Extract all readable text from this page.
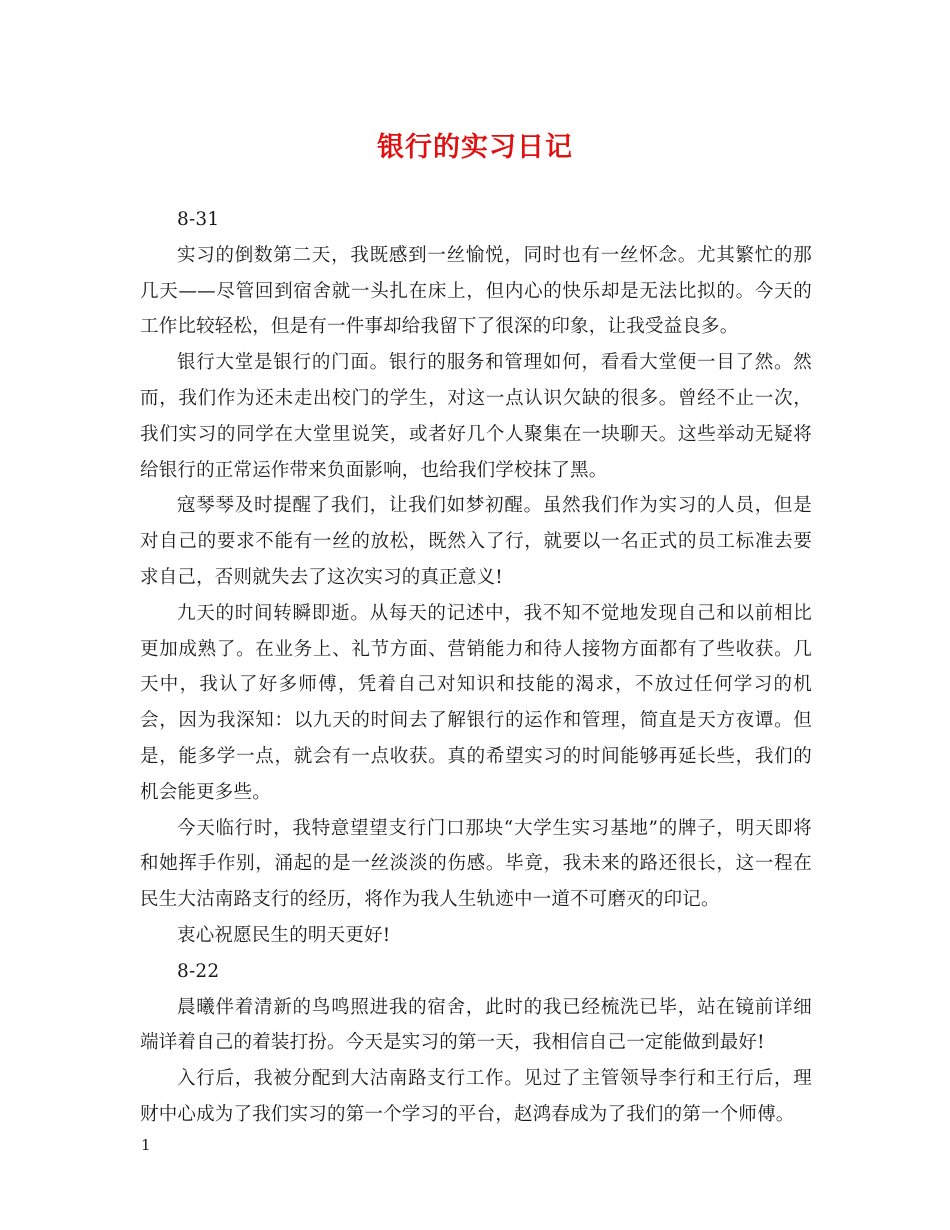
银行的实习日记

8-31

实习的倒数第二天，我既感到一丝愉悦，同时也有一丝怀念。尤其繁忙的那几天——尽管回到宿舍就一头扎在床上，但内心的快乐却是无法比拟的。今天的工作比较轻松，但是有一件事却给我留下了很深的印象，让我受益良多。

银行大堂是银行的门面。银行的服务和管理如何，看看大堂便一目了然。然而，我们作为还未走出校门的学生，对这一点认识欠缺的很多。曾经不止一次，我们实习的同学在大堂里说笑，或者好几个人聚集在一块聊天。这些举动无疑将给银行的正常运作带来负面影响，也给我们学校抹了黑。

寇琴琴及时提醒了我们，让我们如梦初醒。虽然我们作为实习的人员，但是对自己的要求不能有一丝的放松，既然入了行，就要以一名正式的员工标准去要求自己，否则就失去了这次实习的真正意义!

九天的时间转瞬即逝。从每天的记述中，我不知不觉地发现自己和以前相比更加成熟了。在业务上、礼节方面、营销能力和待人接物方面都有了些收获。几天中，我认了好多师傅，凭着自己对知识和技能的渴求，不放过任何学习的机会，因为我深知：以九天的时间去了解银行的运作和管理，简直是天方夜谭。但是，能多学一点，就会有一点收获。真的希望实习的时间能够再延长些，我们的机会能更多些。

今天临行时，我特意望望支行门口那块“大学生实习基地”的牌子，明天即将和她挥手作别，涌起的是一丝淡淡的伤感。毕竟，我未来的路还很长，这一程在民生大沽南路支行的经历，将作为我人生轨迹中一道不可磨灭的印记。

衷心祝愿民生的明天更好!

8-22

晨曦伴着清新的鸟鸣照进我的宿舍，此时的我已经梳洗已毕，站在镜前详细端详着自己的着装打扮。今天是实习的第一天，我相信自己一定能做到最好!

入行后，我被分配到大沽南路支行工作。见过了主管领导李行和王行后，理财中心成为了我们实习的第一个学习的平台，赵鸿春成为了我们的第一个师傅。

1
